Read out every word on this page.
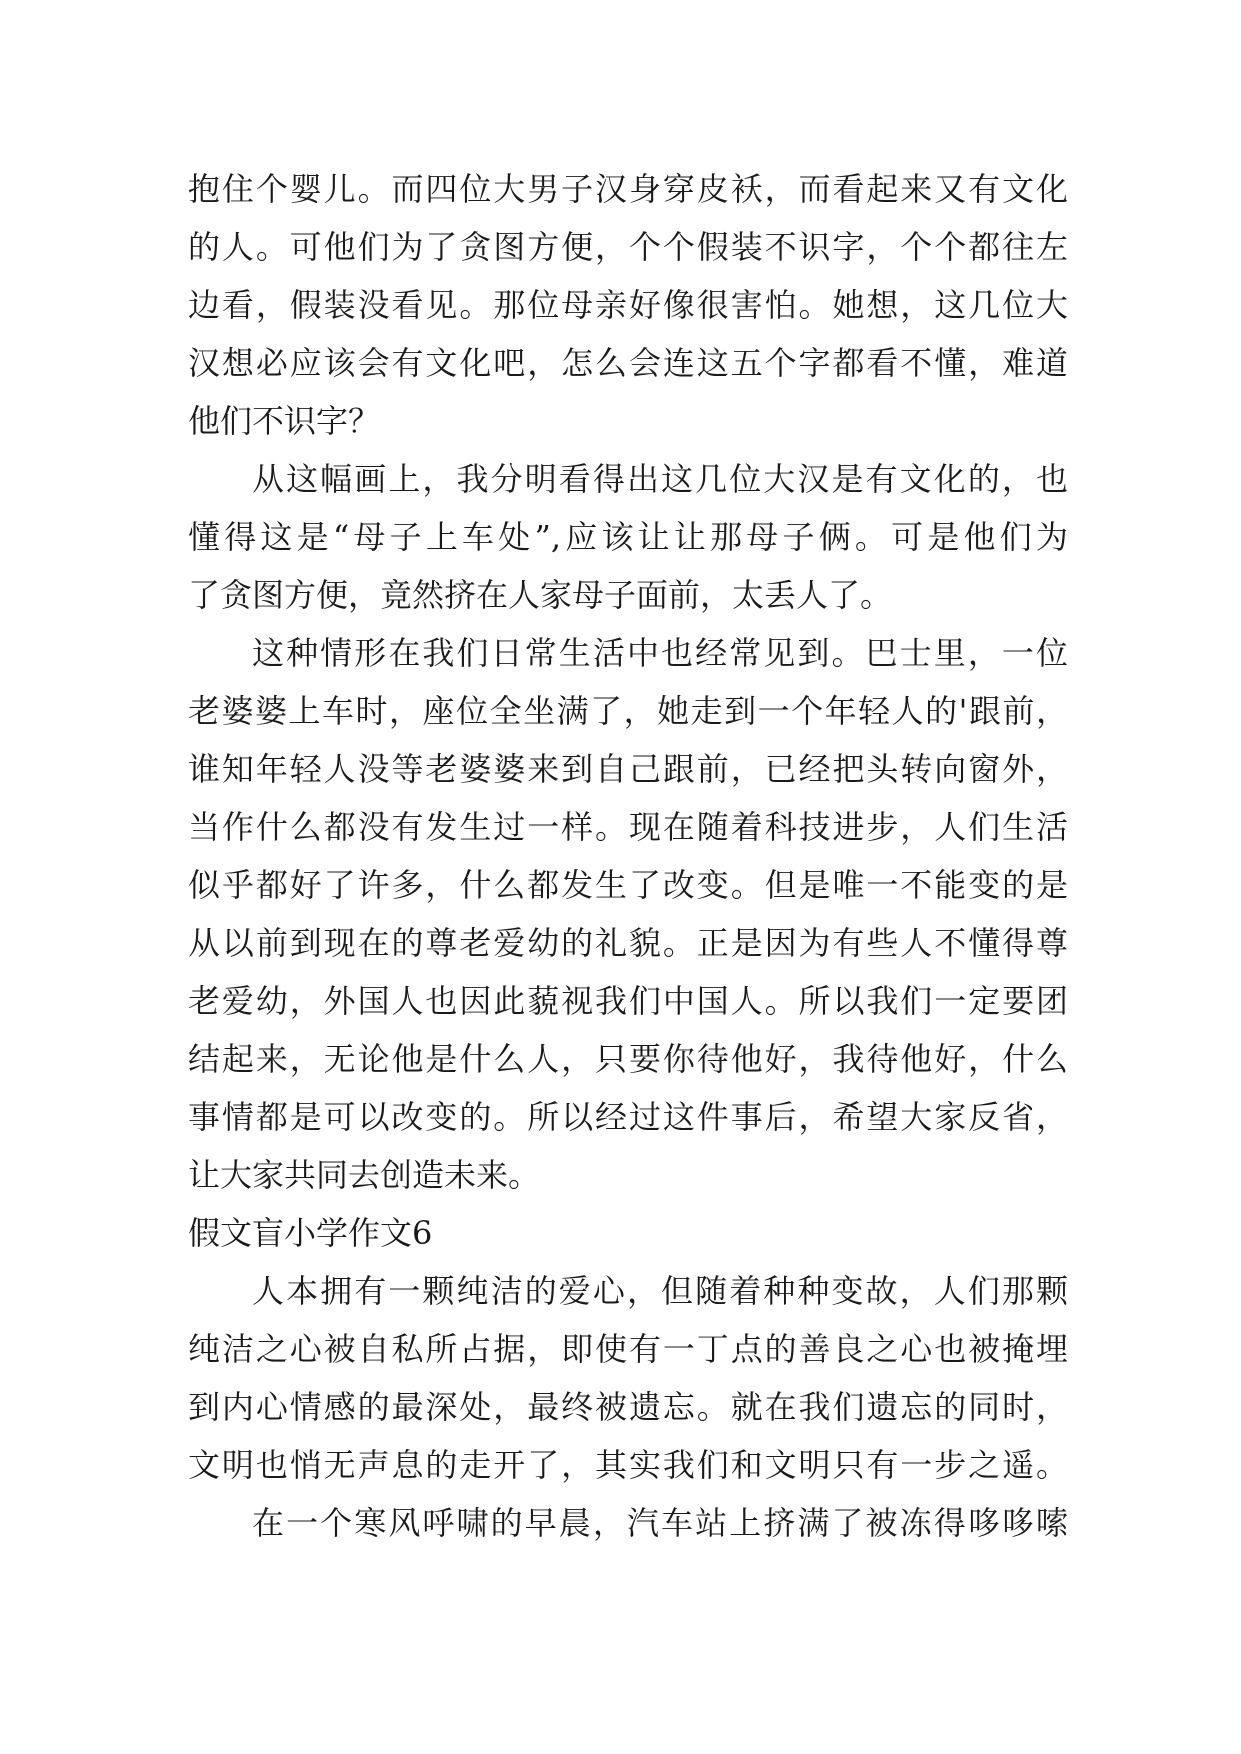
抱住个婴儿。而四位大男子汉身穿皮袄，而看起来又有文化
的人。可他们为了贪图方便，个个假装不识字，个个都往左
边看，假装没看见。那位母亲好像很害怕。她想，这几位大
汉想必应该会有文化吧，怎么会连这五个字都看不懂，难道
他们不识字？
从这幅画上，我分明看得出这几位大汉是有文化的，也
懂得这是“母子上车处”,应该让让那母子俩。可是他们为
了贪图方便，竟然挤在人家母子面前，太丢人了。
这种情形在我们日常生活中也经常见到。巴士里，一位
老婆婆上车时，座位全坐满了，她走到一个年轻人的'跟前，
谁知年轻人没等老婆婆来到自己跟前，已经把头转向窗外，
当作什么都没有发生过一样。现在随着科技进步，人们生活
似乎都好了许多，什么都发生了改变。但是唯一不能变的是
从以前到现在的尊老爱幼的礼貌。正是因为有些人不懂得尊
老爱幼，外国人也因此藐视我们中国人。所以我们一定要团
结起来，无论他是什么人，只要你待他好，我待他好，什么
事情都是可以改变的。所以经过这件事后，希望大家反省，
让大家共同去创造未来。
假文盲小学作文6
人本拥有一颗纯洁的爱心，但随着种种变故，人们那颗
纯洁之心被自私所占据，即使有一丁点的善良之心也被掩埋
到内心情感的最深处，最终被遗忘。就在我们遗忘的同时，
文明也悄无声息的走开了，其实我们和文明只有一步之遥。
在一个寒风呼啸的早晨，汽车站上挤满了被冻得哆哆嗦
